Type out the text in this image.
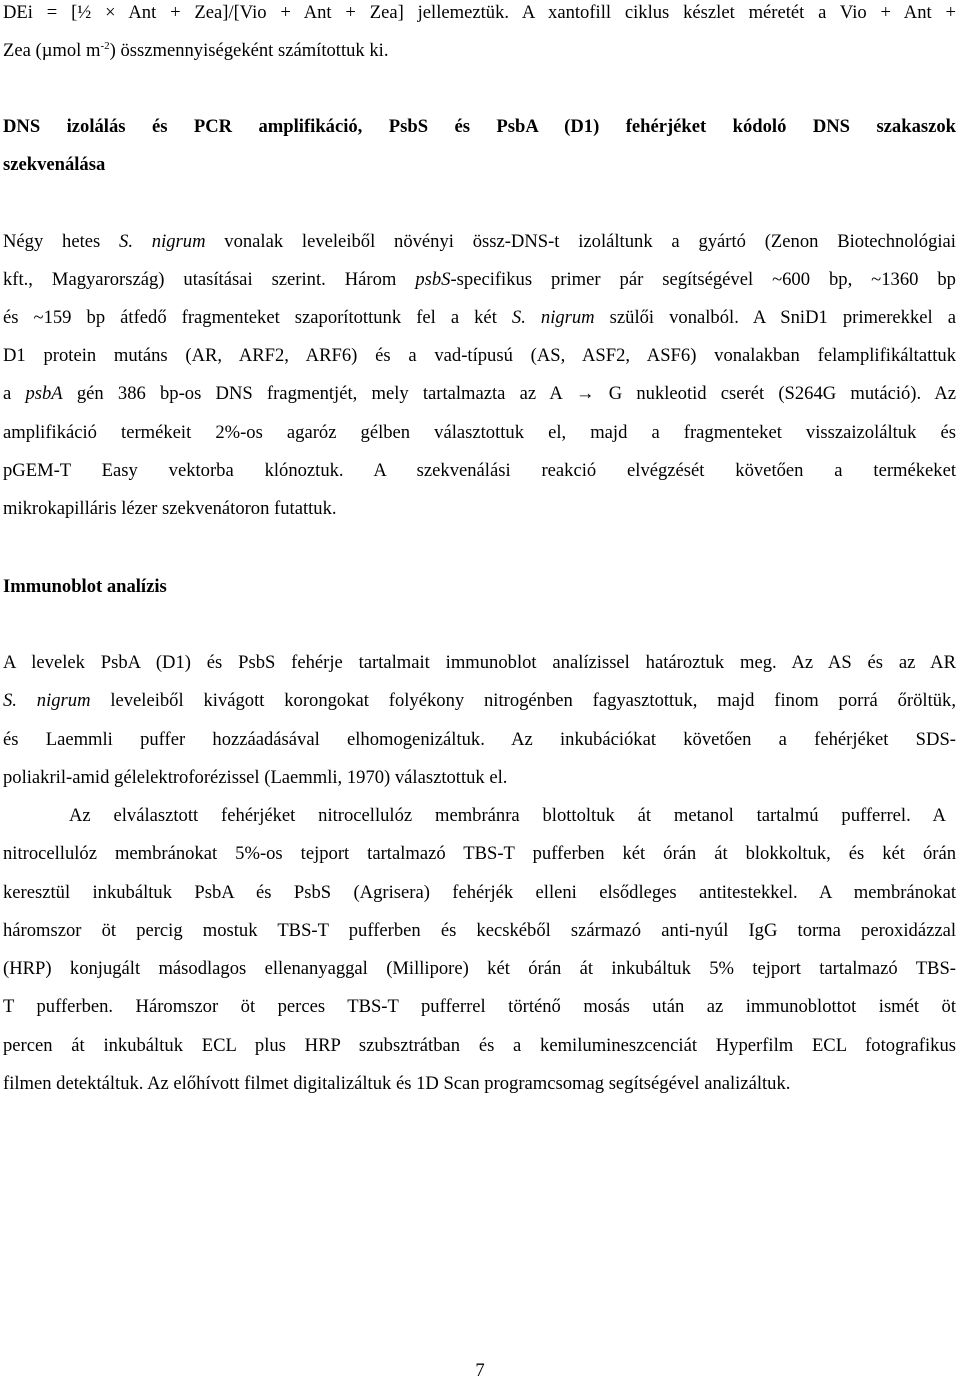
DEi = [½ × Ant + Zea]/[Vio + Ant + Zea] jellemeztük. A xantofill ciklus készlet méretét a Vio + Ant +
Zea (µmol $m^{-2}$) összmennyiségeként számítottuk ki.
DNS izolálás és PCR amplifikáció, PsbS és PsbA (D1) fehérjéket kódoló DNS szakaszok
szekvenálása
Négy hetes S. nigrum vonalak leveleiből növényi össz-DNS-t izoláltunk a gyártó (Zenon Biotechnológiai
kft., Magyarország) utasításai szerint. Három psbS-specifikus primer pár segítségével ~600 bp, ~1360 bp
és ~159 bp átfedő fragmenteket szaporítottunk fel a két S. nigrum szülői vonalból. A SniD1 primerekkel a
D1 protein mutáns (AR, ARF2, ARF6) és a vad-típusú (AS, ASF2, ASF6) vonalakban felamplifikáltattuk
a psbA gén 386 bp-os DNS fragmentjét, mely tartalmazta az A → G nukleotid cserét (S264G mutáció). Az
amplifikáció termékeit 2%-os agaróz gélben választottuk el, majd a fragmenteket visszaizoláltuk és
pGEM-T Easy vektorba klónoztuk. A szekvenálási reakció elvégzését követően a termékeket
mikrokapilláris lézer szekvenátoron futattuk.
Immunoblot analízis
A levelek PsbA (D1) és PsbS fehérje tartalmait immunoblot analízissel határoztuk meg. Az AS és az AR
S. nigrum leveleiből kivágott korongokat folyékony nitrogénben fagyasztottuk, majd finom porrá őröltük,
és Laemmli puffer hozzáadásával elhomogenizáltuk. Az inkubációkat követően a fehérjéket SDS-
poliakril-amid gélelektroforézissel (Laemmli, 1970) választottuk el.
Az elválasztott fehérjéket nitrocellulóz membránra blottoltuk át metanol tartalmú pufferrel. A
nitrocellulóz membránokat 5%-os tejport tartalmazó TBS-T pufferben két órán át blokkoltuk, és két órán
keresztül inkubáltuk PsbA és PsbS (Agrisera) fehérjék elleni elsődleges antitestekkel. A membránokat
háromszor öt percig mostuk TBS-T pufferben és kecskéből származó anti-nyúl IgG torma peroxidázzal
(HRP) konjugált másodlagos ellenanyaggal (Millipore) két órán át inkubáltuk 5% tejport tartalmazó TBS-
T pufferben. Háromszor öt perces TBS-T pufferrel történő mosás után az immunoblottot ismét öt
percen át inkubáltuk ECL plus HRP szubsztrátban és a kemilumineszcenciát Hyperfilm ECL fotografikus
filmen detektáltuk. Az előhívott filmet digitalizáltuk és 1D Scan programcsomag segítségével analizáltuk.
7
